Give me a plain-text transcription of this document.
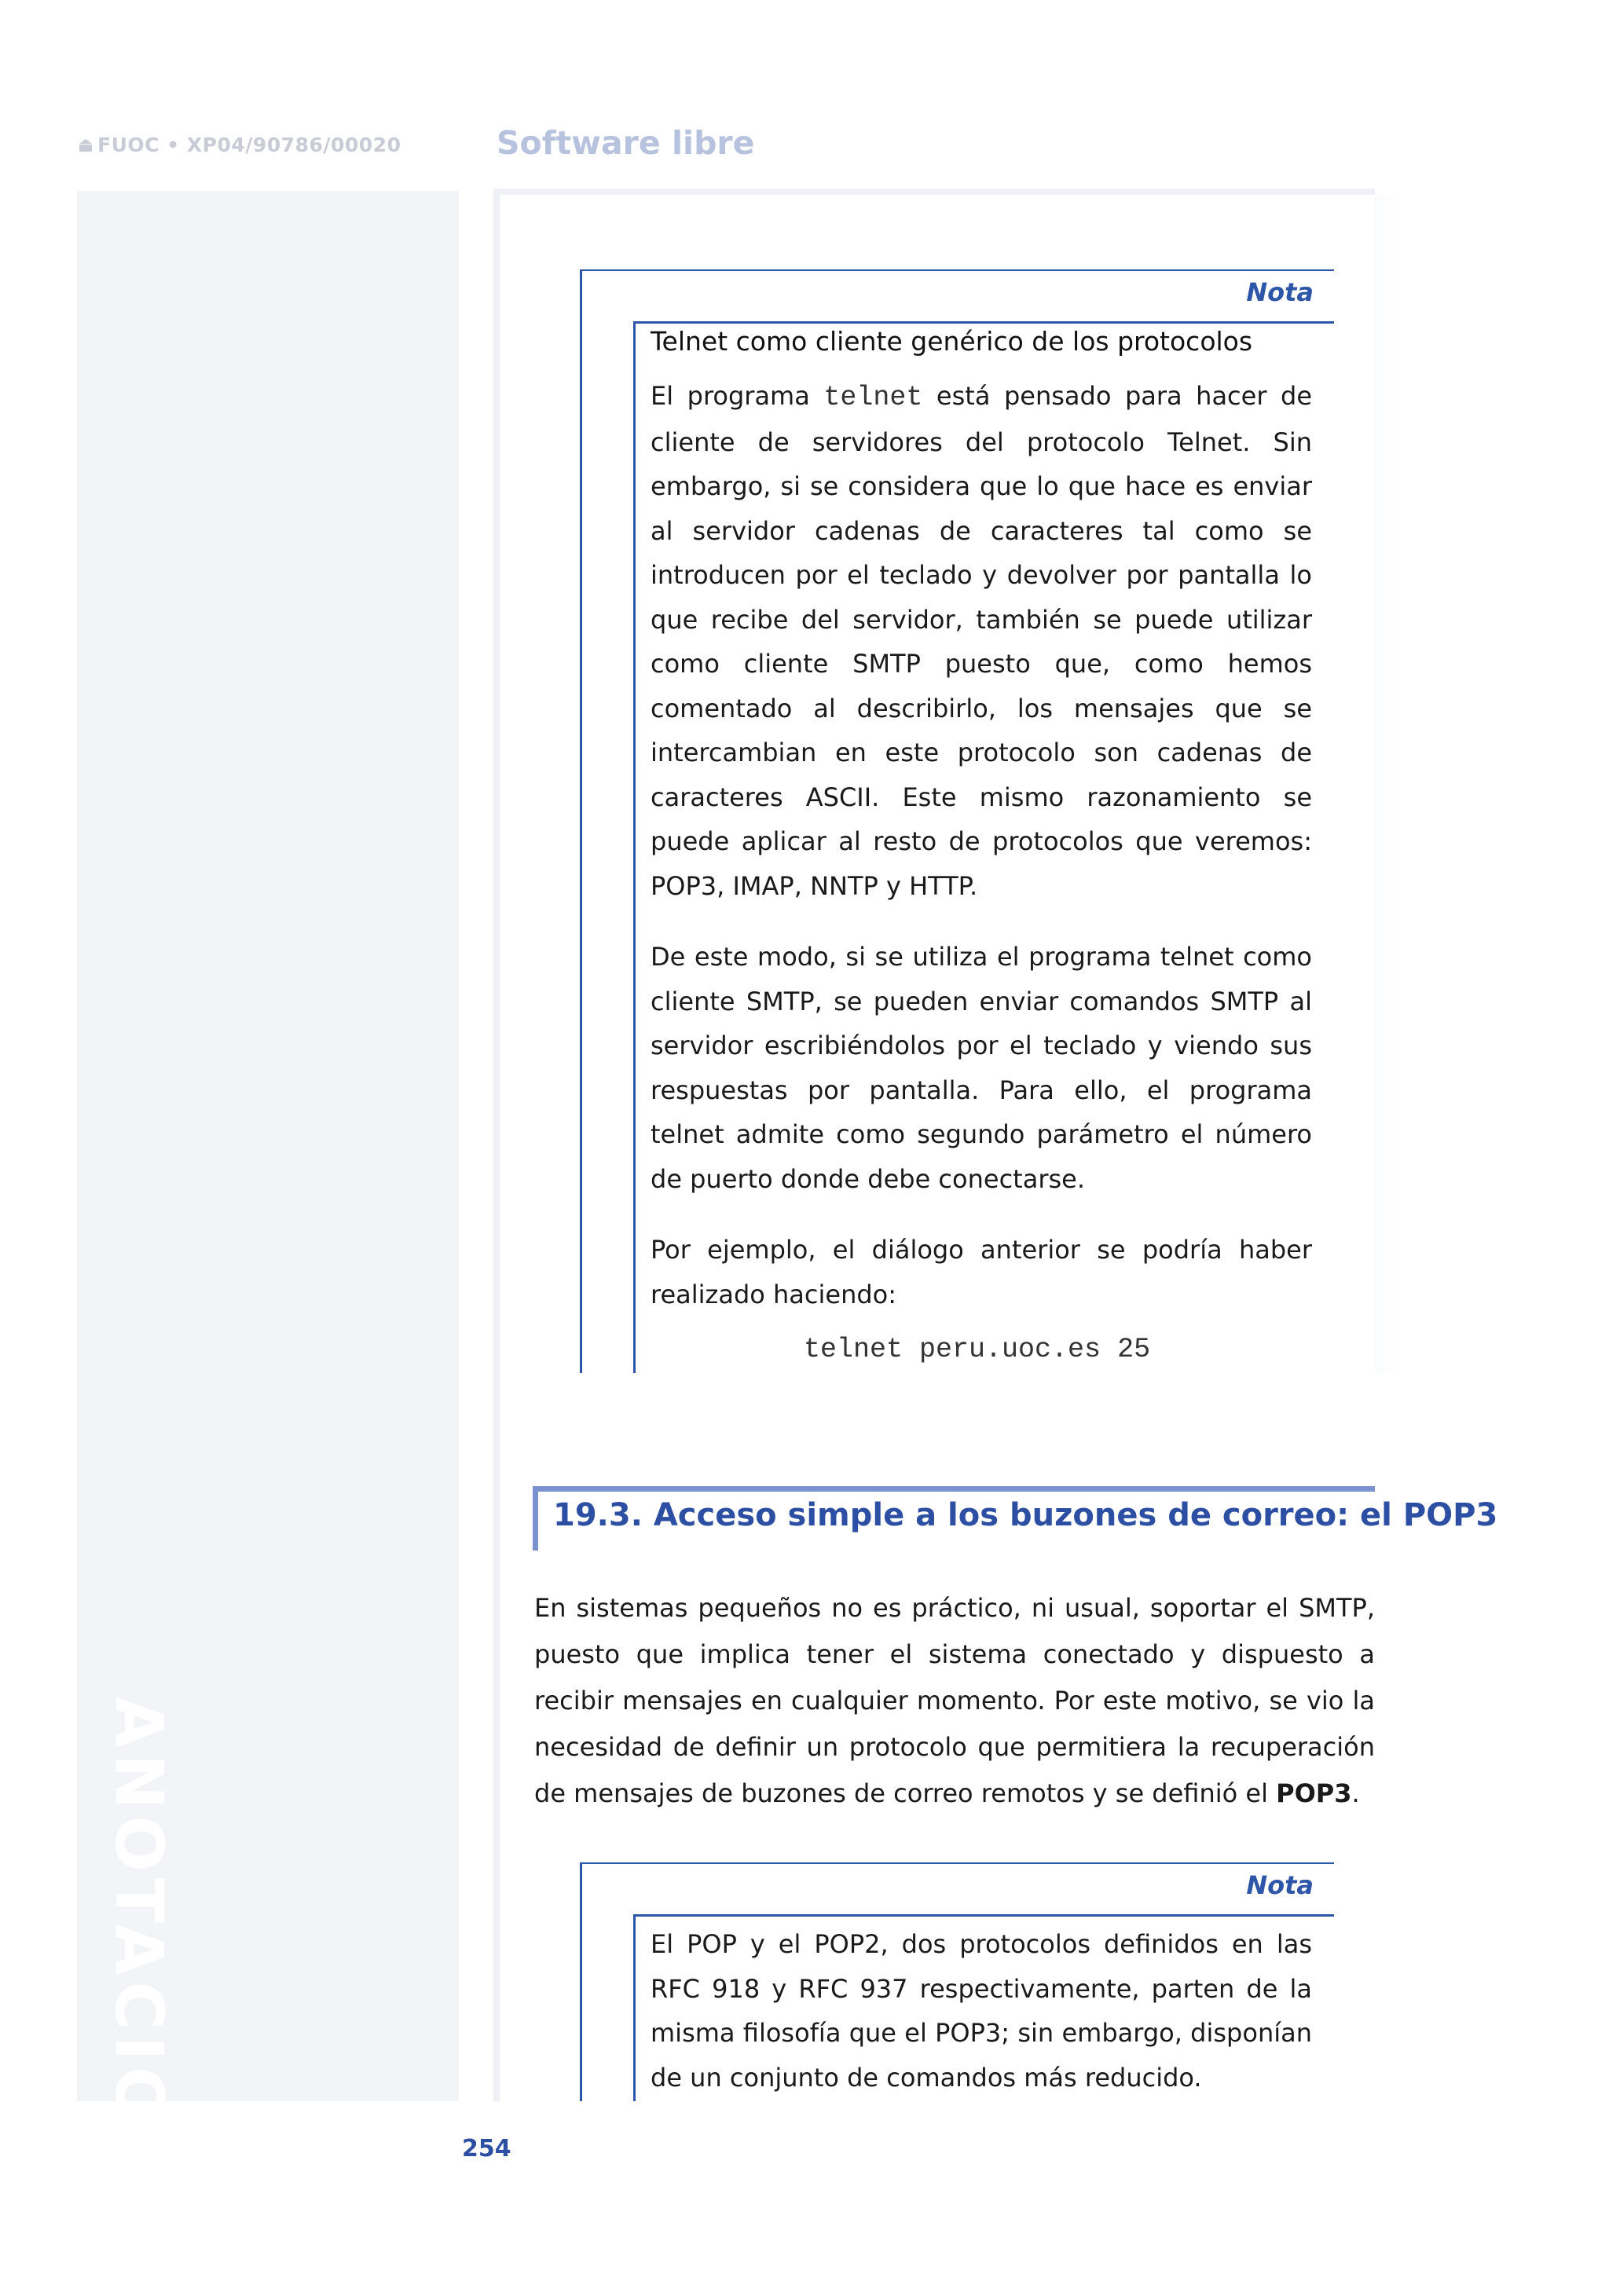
FUOC • XP04/90786/00020	Software libre
ANOTACIONES
Nota
Telnet como cliente genérico de los protocolos

El programa telnet está pensado para hacer de cliente de servidores del protocolo Telnet. Sin embargo, si se considera que lo que hace es enviar al servidor cadenas de caracteres tal como se introducen por el teclado y devolver por pantalla lo que recibe del servidor, también se puede utilizar como cliente SMTP puesto que, como hemos comentado al describirlo, los mensajes que se intercambian en este protocolo son cadenas de caracteres ASCII. Este mismo razonamiento se puede aplicar al resto de protocolos que veremos: POP3, IMAP, NNTP y HTTP.

De este modo, si se utiliza el programa telnet como cliente SMTP, se pueden enviar comandos SMTP al servidor escribiéndolos por el teclado y viendo sus respuestas por pantalla. Para ello, el programa telnet admite como segundo parámetro el número de puerto donde debe conectarse.

Por ejemplo, el diálogo anterior se podría haber realizado haciendo:

telnet peru.uoc.es 25
19.3. Acceso simple a los buzones de correo: el POP3

En sistemas pequeños no es práctico, ni usual, soportar el SMTP, puesto que implica tener el sistema conectado y dispuesto a recibir mensajes en cualquier momento. Por este motivo, se vio la necesidad de definir un protocolo que permitiera la recuperación de mensajes de buzones de correo remotos y se definió el POP3.

Nota

El POP y el POP2, dos protocolos definidos en las RFC 918 y RFC 937 respectivamente, parten de la misma filosofía que el POP3; sin embargo, disponían de un conjunto de comandos más reducido.

254
